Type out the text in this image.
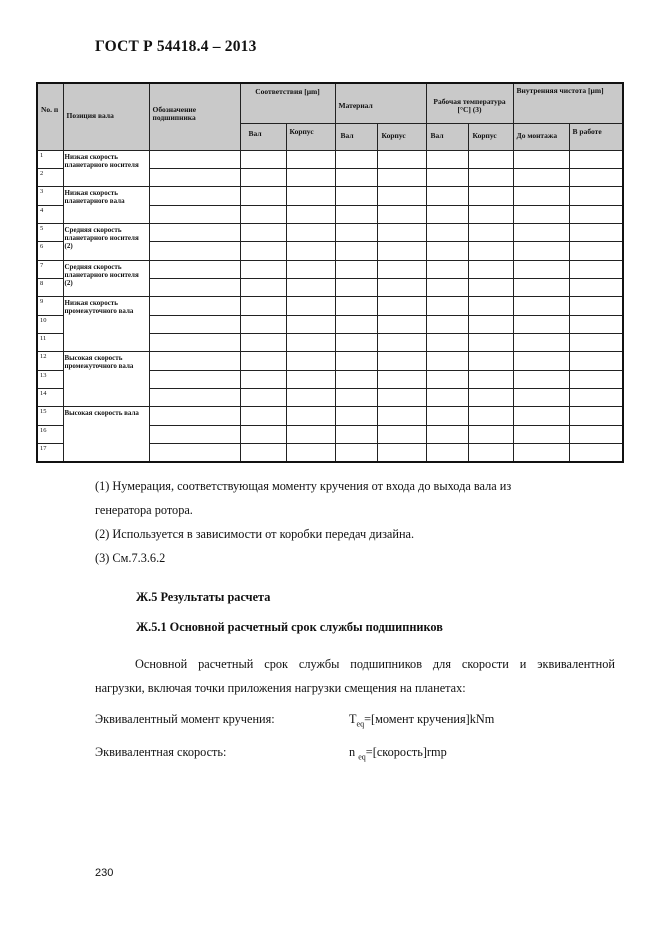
ГОСТ Р 54418.4 – 2013
No. п	Позиция вала	Обозначение подшипника	Соответствия [µm]		Материал		Рабочая температура [°C] (3)		Внутренняя чистота [µm]	
			Вал	Корпус	Вал	Корпус	Вал	Корпус	До монтажа	В работе
1	Низкая скорость планетарного носителя									
2										
3	Низкая скорость планетарного вала									
4										
5	Средняя скорость планетарного носителя (2)									
6										
7	Средняя скорость планетарного носителя (2)									
8										
9	Низкая скорость промежуточного вала									
10										
11										
12	Высокая скорость промежуточного вала									
13										
14										
15	Высокая скорость вала									
16										
17										
(1) Нумерация, соответствующая моменту кручения от входа до выхода вала из
генератора ротора.
(2) Используется в зависимости от коробки передач дизайна.
(3) См.7.3.6.2
Ж.5 Результаты расчета
Ж.5.1 Основной расчетный срок службы подшипников
Основной расчетный срок службы подшипников для скорости и эквивалентной
нагрузки, включая точки приложения нагрузки смещения на планетах:
Эквивалентный момент кручения:	$T_{eq}=[момент$ кручения]kNm
Эквивалентная скорость:	n $_{eq}$=[скорость]rmp
230
